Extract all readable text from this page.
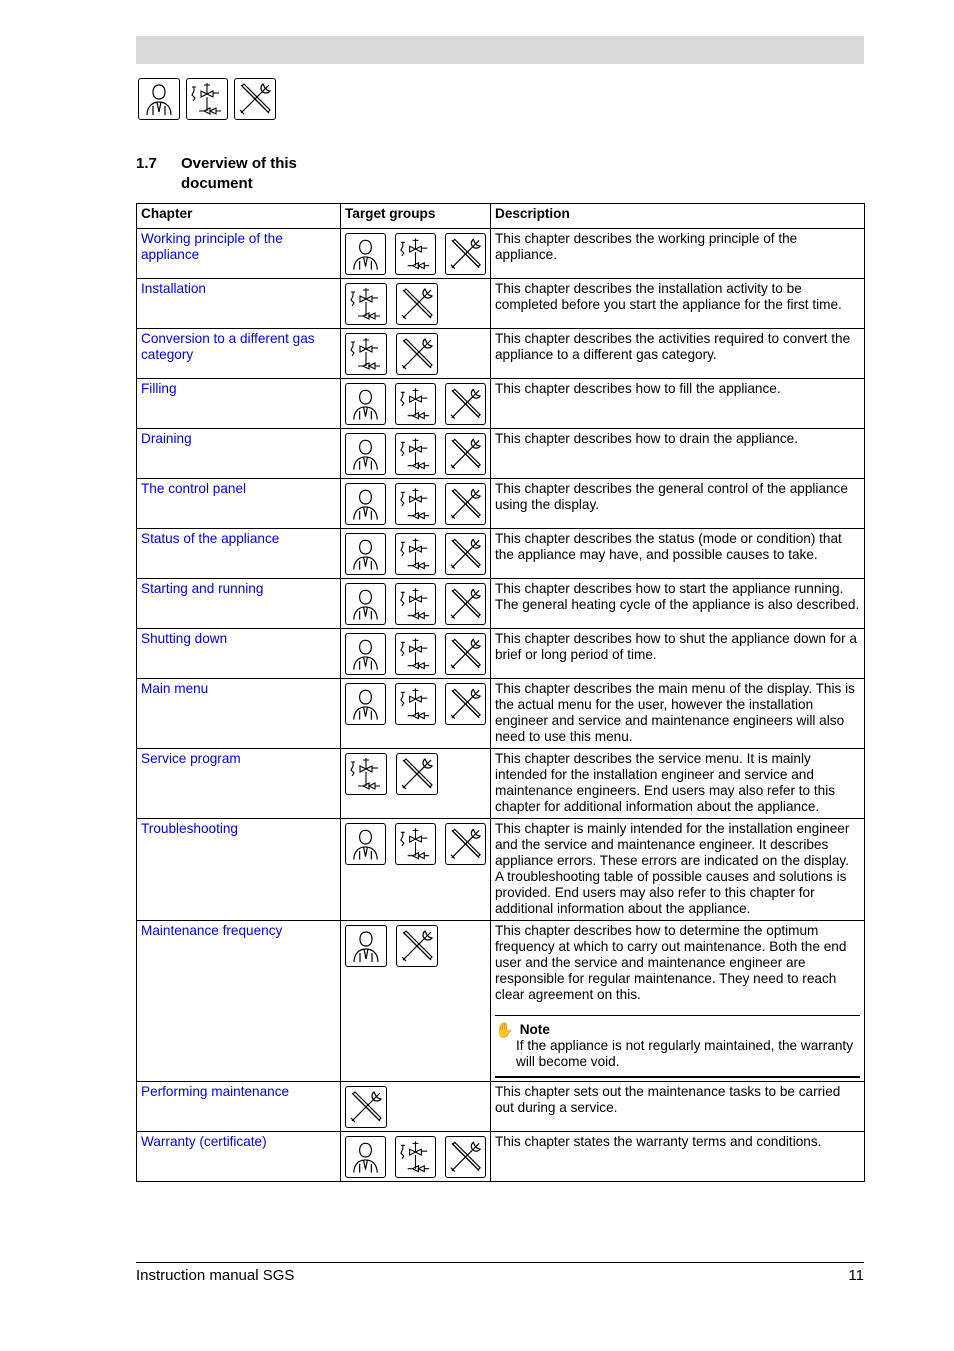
1.7	Overview of this document
Chapter	Target groups	Description
Working principle of the appliance		This chapter describes the working principle of the appliance.

Installation		This chapter describes the installation activity to be completed before you start the appliance for the first time.

Conversion to a different gas category		This chapter describes the activities required to convert the appliance to a different gas category.

Filling		This chapter describes how to fill the appliance.

Draining		This chapter describes how to drain the appliance.

The control panel		This chapter describes the general control of the appliance using the display.

Status of the appliance		This chapter describes the status (mode or condition) that the appliance may have, and possible causes to take.

Starting and running		This chapter describes how to start the appliance running. The general heating cycle of the appliance is also described.

Shutting down		This chapter describes how to shut the appliance down for a brief or long period of time.

Main menu		This chapter describes the main menu of the display. This is the actual menu for the user, however the installation engineer and service and maintenance engineers will also need to use this menu.

Service program		This chapter describes the service menu. It is mainly intended for the installation engineer and service and maintenance engineers. End users may also refer to this chapter for additional information about the appliance.

Troubleshooting		This chapter is mainly intended for the installation engineer and the service and maintenance engineer. It describes appliance errors. These errors are indicated on the display. A troubleshooting table of possible causes and solutions is provided. End users may also refer to this chapter for additional information about the appliance.

Maintenance frequency		This chapter describes how to determine the optimum frequency at which to carry out maintenance. Both the end user and the service and maintenance engineer are responsible for regular maintenance. They need to reach clear agreement on this.
✋ Note
If the appliance is not regularly maintained, the warranty will become void.

Performing maintenance		This chapter sets out the maintenance tasks to be carried out during a service.

Warranty (certificate)		This chapter states the warranty terms and conditions.
Instruction manual SGS	11
